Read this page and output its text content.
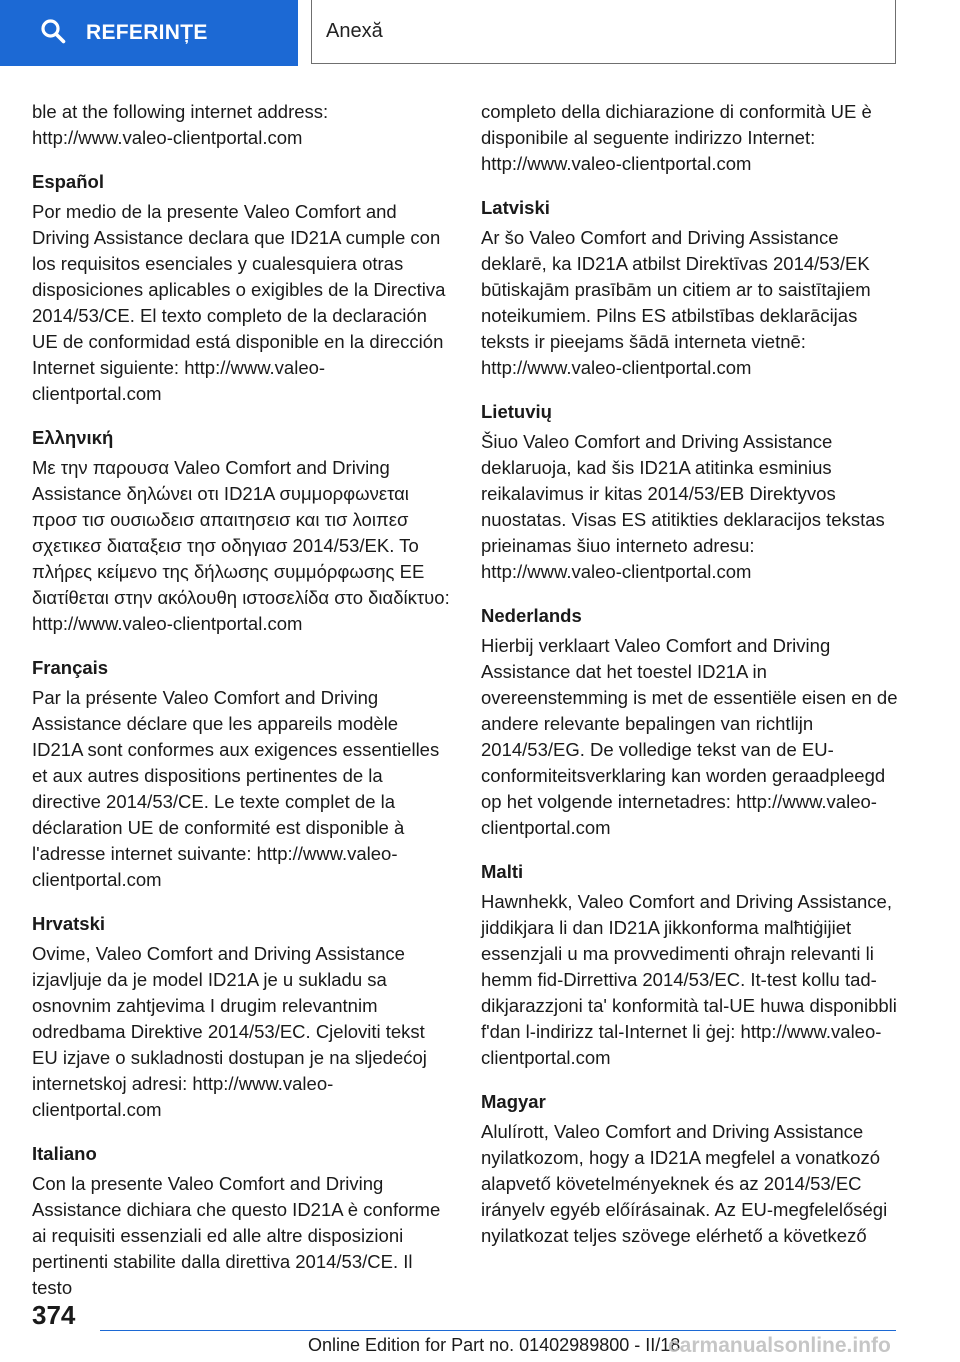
REFERINȚE	Anexă
ble at the following internet address: http://www.valeo-clientportal.com
Español
Por medio de la presente Valeo Comfort and Driving Assistance declara que ID21A cumple con los requisitos esenciales y cualesquiera otras disposiciones aplicables o exigibles de la Directiva 2014/53/CE. El texto completo de la declaración UE de conformidad está disponible en la dirección Internet siguiente: http://www.valeo-clientportal.com
Ελληνική
Με την παρουσα Valeo Comfort and Driving Assistance δηλώνει οτι ID21A συμμορφωνεται προσ τισ ουσιωδεισ απαιτησεισ και τισ λοιπεσ σχετικεσ διαταξεισ τησ οδηγιασ 2014/53/ΕΚ. Το πλήρες κείμενο της δήλωσης συμμόρφωσης ΕΕ διατίθεται στην ακόλουθη ιστοσελίδα στο διαδίκτυο: http://www.valeo-clientportal.com
Français
Par la présente Valeo Comfort and Driving Assistance déclare que les appareils modèle ID21A sont conformes aux exigences essentielles et aux autres dispositions pertinentes de la directive 2014/53/CE. Le texte complet de la déclaration UE de conformité est disponible à l'adresse internet suivante: http://www.valeo-clientportal.com
Hrvatski
Ovime, Valeo Comfort and Driving Assistance izjavljuje da je model ID21A je u sukladu sa osnovnim zahtjevima I drugim relevantnim odredbama Direktive 2014/53/EC. Cjeloviti tekst EU izjave o sukladnosti dostupan je na sljedećoj internetskoj adresi: http://www.valeo-clientportal.com
Italiano
Con la presente Valeo Comfort and Driving Assistance dichiara che questo ID21A è conforme ai requisiti essenziali ed alle altre disposizioni pertinenti stabilite dalla direttiva 2014/53/CE. Il testo
completo della dichiarazione di conformità UE è disponibile al seguente indirizzo Internet: http://www.valeo-clientportal.com
Latviski
Ar šo Valeo Comfort and Driving Assistance deklarē, ka ID21A atbilst Direktīvas 2014/53/EK būtiskajām prasībām un citiem ar to saistītajiem noteikumiem. Pilns ES atbilstības deklarācijas teksts ir pieejams šādā interneta vietnē: http://www.valeo-clientportal.com
Lietuvių
Šiuo Valeo Comfort and Driving Assistance deklaruoja, kad šis ID21A atitinka esminius reikalavimus ir kitas 2014/53/EB Direktyvos nuostatas. Visas ES atitikties deklaracijos tekstas prieinamas šiuo interneto adresu: http://www.valeo-clientportal.com
Nederlands
Hierbij verklaart Valeo Comfort and Driving Assistance dat het toestel ID21A in overeenstemming is met de essentiële eisen en de andere relevante bepalingen van richtlijn 2014/53/EG. De volledige tekst van de EU-conformiteitsverklaring kan worden geraadpleegd op het volgende internetadres: http://www.valeo-clientportal.com
Malti
Hawnhekk, Valeo Comfort and Driving Assistance, jiddikjara li dan ID21A jikkonforma malħtiġijiet essenzjali u ma provvedimenti oħrajn relevanti li hemm fid-Dirrettiva 2014/53/EC. It-test kollu tad-dikjarazzjoni ta' konformità tal-UE huwa disponibbli f'dan l-indirizz tal-Internet li ġej: http://www.valeo-clientportal.com
Magyar
Alulírott, Valeo Comfort and Driving Assistance nyilatkozom, hogy a ID21A megfelel a vonatkozó alapvető követelményeknek és az 2014/53/EC irányelv egyéb előírásainak. Az EU-megfelelőségi nyilatkozat teljes szövege elérhető a következő
374
Online Edition for Part no. 01402989800 - II/18
carmanualsonline.info
